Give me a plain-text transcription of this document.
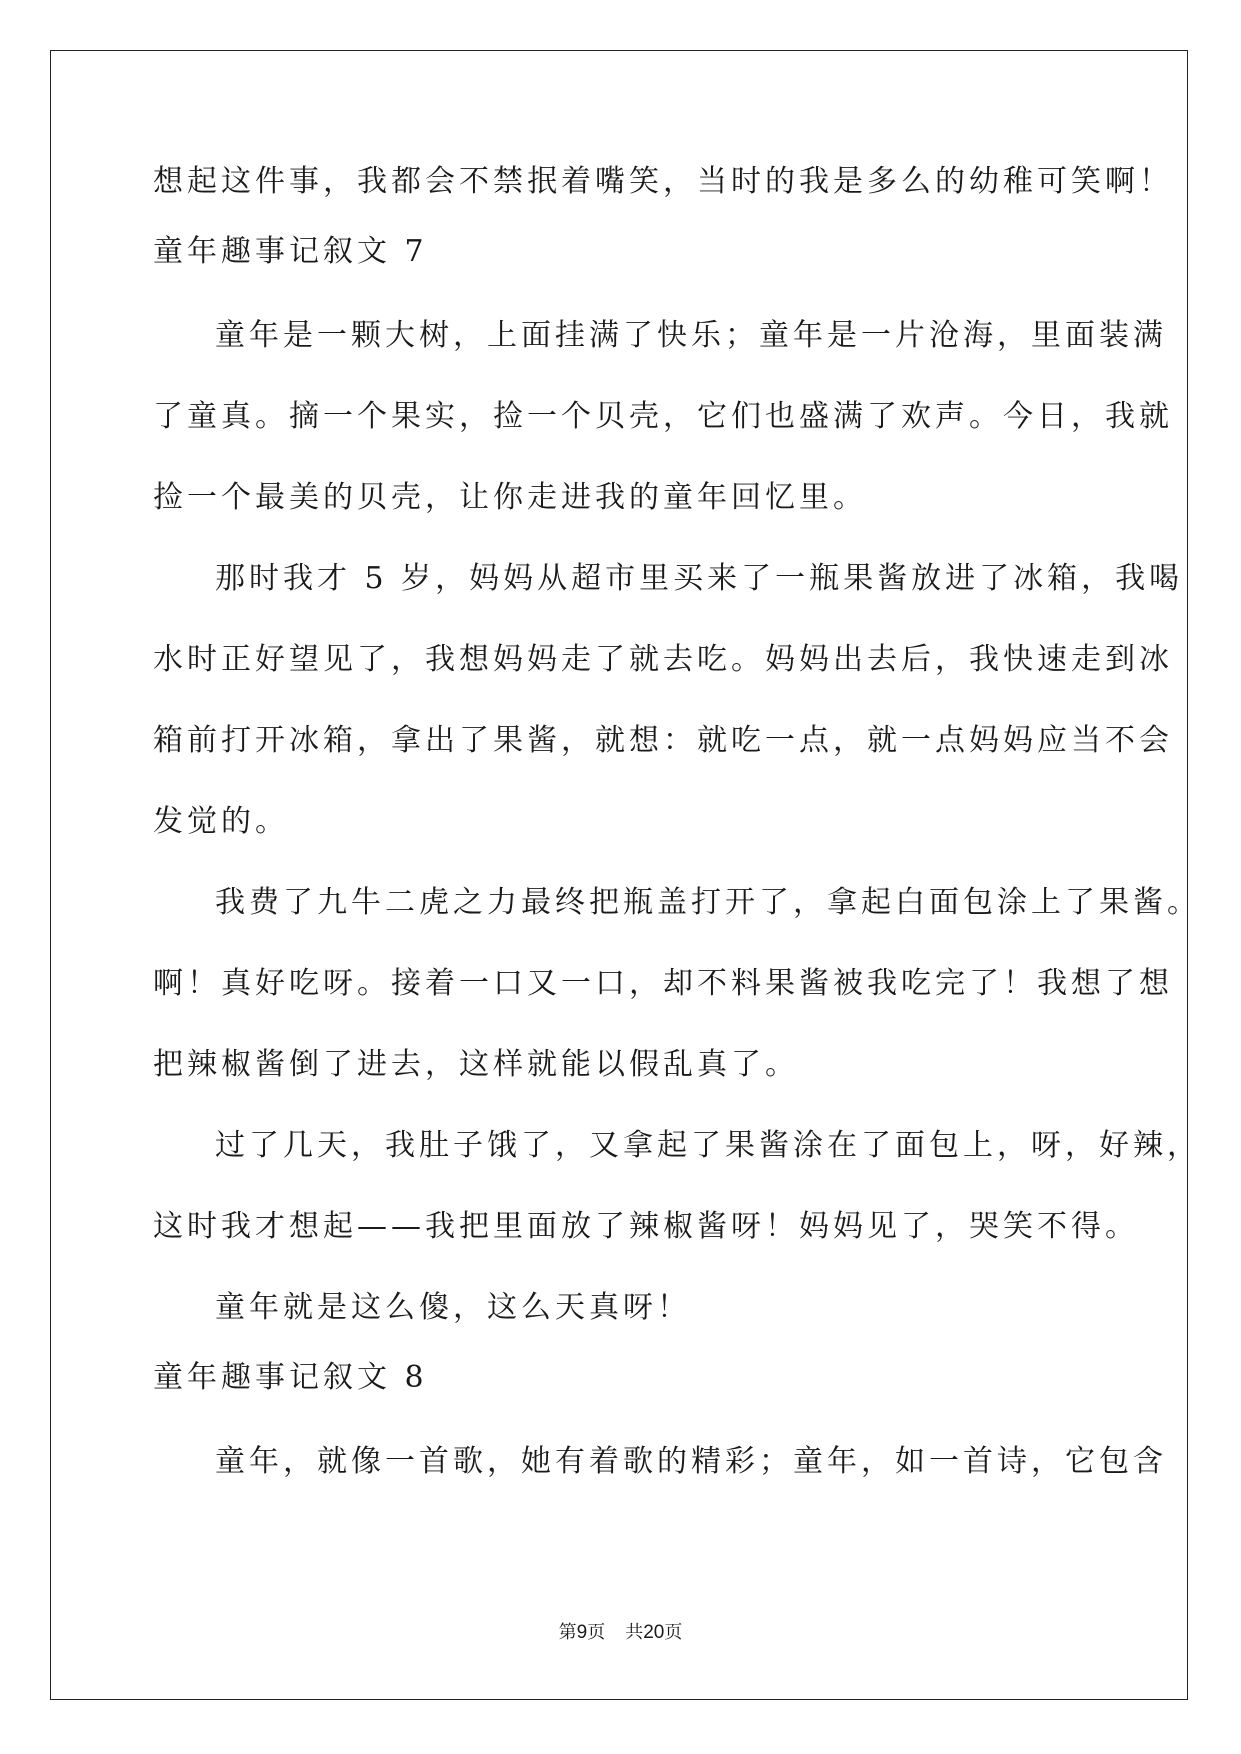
想起这件事，我都会不禁抿着嘴笑，当时的我是多么的幼稚可笑啊！
童年趣事记叙文 7
童年是一颗大树，上面挂满了快乐；童年是一片沧海，里面装满
了童真。摘一个果实，捡一个贝壳，它们也盛满了欢声。今日，我就
捡一个最美的贝壳，让你走进我的童年回忆里。
那时我才 5 岁，妈妈从超市里买来了一瓶果酱放进了冰箱，我喝
水时正好望见了，我想妈妈走了就去吃。妈妈出去后，我快速走到冰
箱前打开冰箱，拿出了果酱，就想：就吃一点，就一点妈妈应当不会
发觉的。
我费了九牛二虎之力最终把瓶盖打开了，拿起白面包涂上了果酱。
啊！真好吃呀。接着一口又一口，却不料果酱被我吃完了！我想了想
把辣椒酱倒了进去，这样就能以假乱真了。
过了几天，我肚子饿了，又拿起了果酱涂在了面包上，呀，好辣，
这时我才想起——我把里面放了辣椒酱呀！妈妈见了，哭笑不得。
童年就是这么傻，这么天真呀！
童年趣事记叙文 8
童年，就像一首歌，她有着歌的精彩；童年，如一首诗，它包含
第9页 共20页
